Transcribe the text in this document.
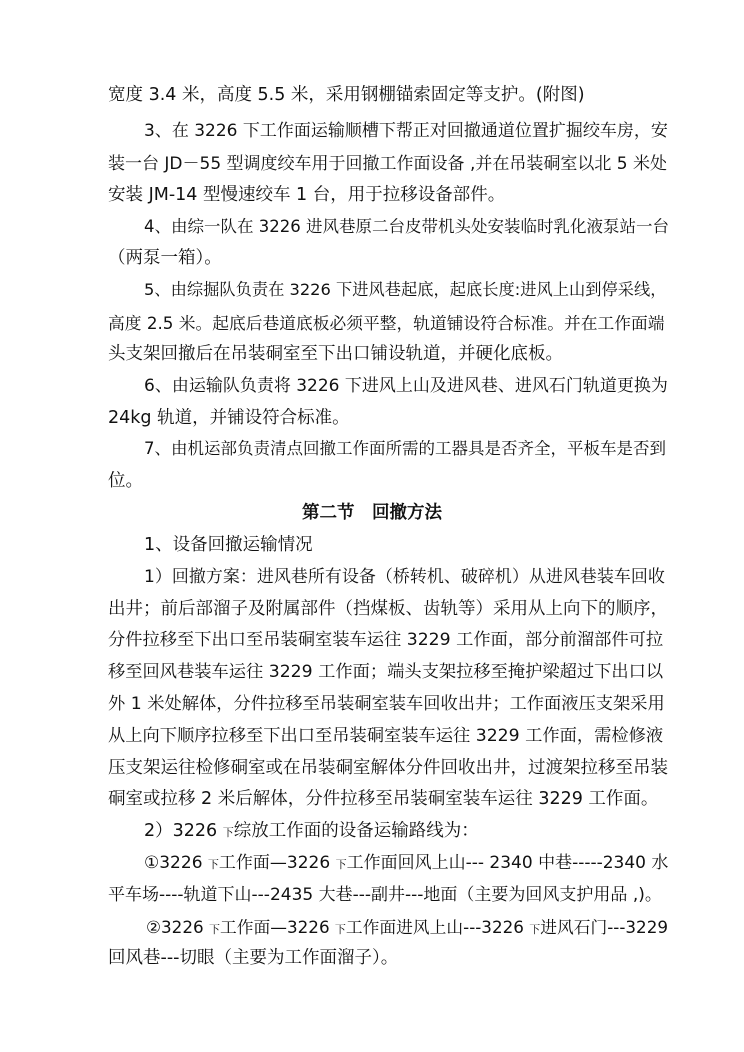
宽度 3.4 米，高度 5.5 米，采用钢棚锚索固定等支护。(附图)
3、在 3226 下工作面运输顺槽下帮正对回撤通道位置扩掘绞车房，安
装一台 JD－55 型调度绞车用于回撤工作面设备 ,并在吊装硐室以北 5 米处
安装 JM-14 型慢速绞车 1 台，用于拉移设备部件。
4、由综一队在 3226 进风巷原二台皮带机头处安装临时乳化液泵站一台
（两泵一箱）。
5、由综掘队负责在 3226 下进风巷起底，起底长度:进风上山到停采线，
高度 2.5 米。起底后巷道底板必须平整，轨道铺设符合标准。并在工作面端
头支架回撤后在吊装硐室至下出口铺设轨道，并硬化底板。
6、由运输队负责将 3226 下进风上山及进风巷、进风石门轨道更换为
24kg 轨道，并铺设符合标准。
7、由机运部负责清点回撤工作面所需的工器具是否齐全，平板车是否到
位。
第二节　回撤方法
1、设备回撤运输情况
1）回撤方案：进风巷所有设备（桥转机、破碎机）从进风巷装车回收
出井；前后部溜子及附属部件（挡煤板、齿轨等）采用从上向下的顺序，
分件拉移至下出口至吊装硐室装车运往 3229 工作面，部分前溜部件可拉
移至回风巷装车运往 3229 工作面；端头支架拉移至掩护梁超过下出口以
外 1 米处解体，分件拉移至吊装硐室装车回收出井；工作面液压支架采用
从上向下顺序拉移至下出口至吊装硐室装车运往 3229 工作面，需检修液
压支架运往检修硐室或在吊装硐室解体分件回收出井，过渡架拉移至吊装
硐室或拉移 2 米后解体，分件拉移至吊装硐室装车运往 3229 工作面。
2）3226 下综放工作面的设备运输路线为：
①3226 下工作面—3226 下工作面回风上山--- 2340 中巷-----2340 水
平车场----轨道下山---2435 大巷---副井---地面（主要为回风支护用品 ,)。
②3226 下工作面—3226 下工作面进风上山---3226 下进风石门---3229
回风巷---切眼（主要为工作面溜子）。
